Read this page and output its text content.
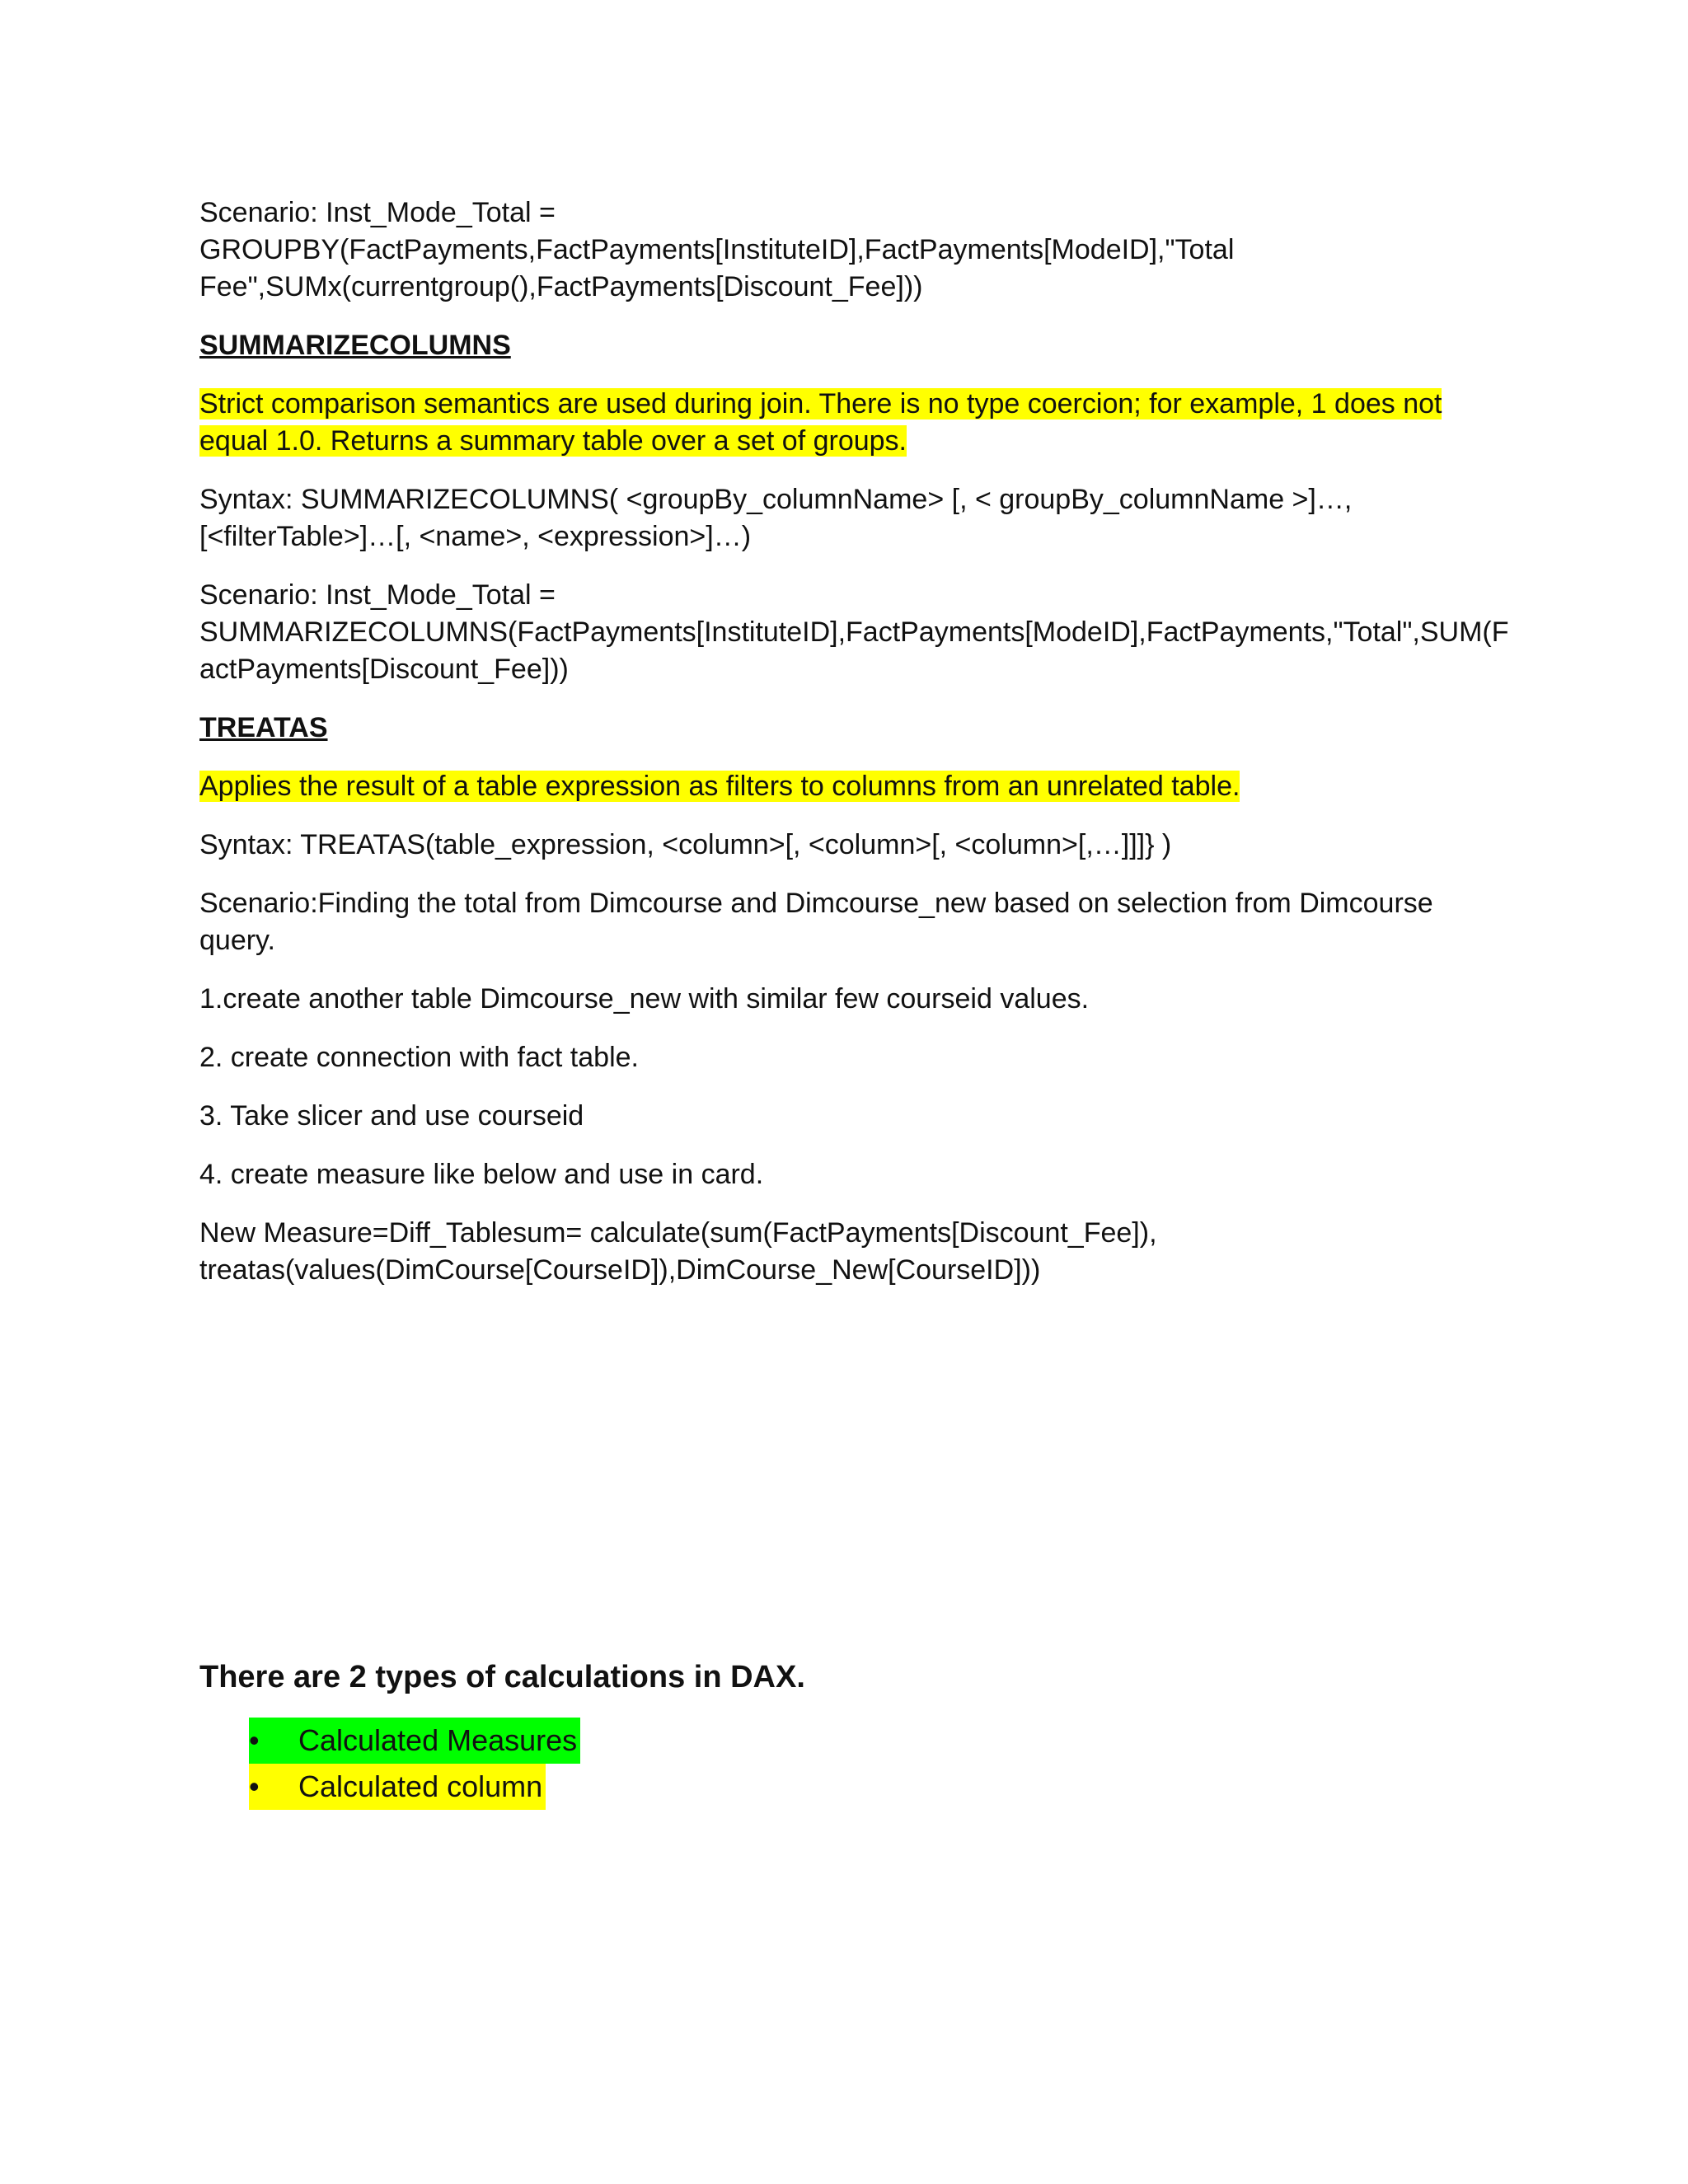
Scenario: Inst_Mode_Total =
GROUPBY(FactPayments,FactPayments[InstituteID],FactPayments[ModeID],"Total
Fee",SUMx(currentgroup(),FactPayments[Discount_Fee]))

SUMMARIZECOLUMNS

Strict comparison semantics are used during join. There is no type coercion; for example, 1 does not
equal 1.0. Returns a summary table over a set of groups.

Syntax: SUMMARIZECOLUMNS( <groupBy_columnName> [, < groupBy_columnName >]…,
[<filterTable>]…[, <name>, <expression>]…)

Scenario: Inst_Mode_Total =
SUMMARIZECOLUMNS(FactPayments[InstituteID],FactPayments[ModeID],FactPayments,"Total",SUM(F
actPayments[Discount_Fee]))

TREATAS

Applies the result of a table expression as filters to columns from an unrelated table.

Syntax: TREATAS(table_expression, <column>[, <column>[, <column>[,…]]]} )

Scenario:Finding the total from Dimcourse and Dimcourse_new based on selection from Dimcourse
query.

1.create another table Dimcourse_new with similar few courseid values.

2. create connection with fact table.

3. Take slicer and use courseid

4. create measure like below and use in card.

New Measure=Diff_Tablesum= calculate(sum(FactPayments[Discount_Fee]),
treatas(values(DimCourse[CourseID]),DimCourse_New[CourseID]))

There are 2 types of calculations in DAX.

• Calculated Measures
• Calculated column
